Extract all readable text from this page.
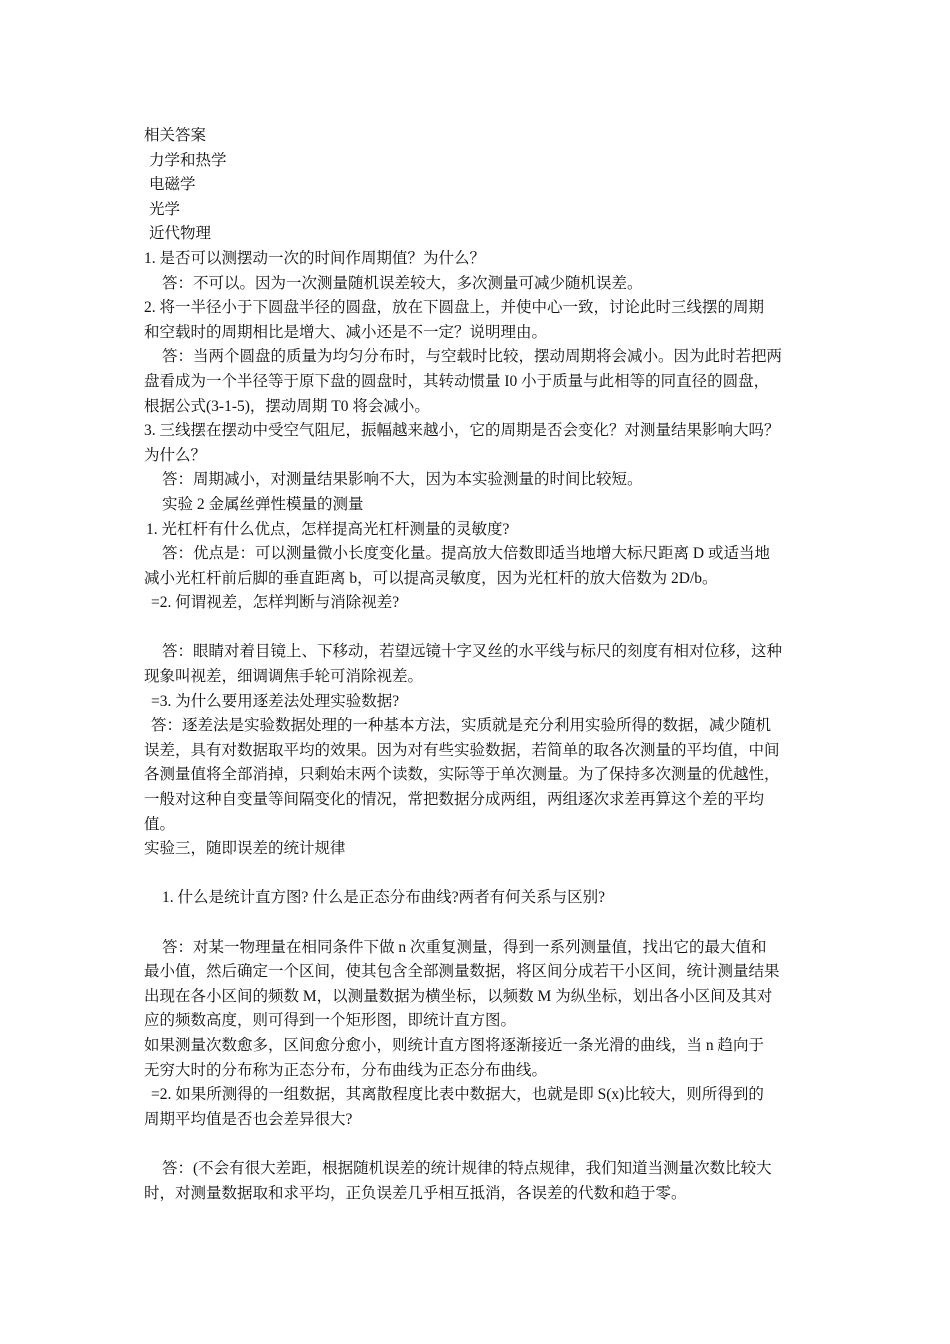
相关答案

力学和热学

电磁学

光学

近代物理

1. 是否可以测摆动一次的时间作周期值？为什么？

答：不可以。因为一次测量随机误差较大，多次测量可减少随机误差。

2. 将一半径小于下圆盘半径的圆盘，放在下圆盘上，并使中心一致，讨论此时三线摆的周期

和空载时的周期相比是增大、减小还是不一定？说明理由。

答：当两个圆盘的质量为均匀分布时，与空载时比较，摆动周期将会减小。因为此时若把两

盘看成为一个半径等于原下盘的圆盘时，其转动惯量 I0 小于质量与此相等的同直径的圆盘，

根据公式(3-1-5)，摆动周期 T0 将会减小。

3. 三线摆在摆动中受空气阻尼，振幅越来越小，它的周期是否会变化？对测量结果影响大吗？

为什么？

答：周期减小，对测量结果影响不大，因为本实验测量的时间比较短。

实验 2 金属丝弹性模量的测量

1. 光杠杆有什么优点，怎样提高光杠杆测量的灵敏度?

答：优点是：可以测量微小长度变化量。提高放大倍数即适当地增大标尺距离 D 或适当地

减小光杠杆前后脚的垂直距离 b，可以提高灵敏度，因为光杠杆的放大倍数为 2D/b。

=2. 何谓视差，怎样判断与消除视差?

答：眼睛对着目镜上、下移动，若望远镜十字叉丝的水平线与标尺的刻度有相对位移，这种

现象叫视差，细调调焦手轮可消除视差。

=3. 为什么要用逐差法处理实验数据?

答：逐差法是实验数据处理的一种基本方法，实质就是充分利用实验所得的数据，减少随机

误差，具有对数据取平均的效果。因为对有些实验数据，若简单的取各次测量的平均值，中间

各测量值将全部消掉，只剩始末两个读数，实际等于单次测量。为了保持多次测量的优越性，

一般对这种自变量等间隔变化的情况，常把数据分成两组，两组逐次求差再算这个差的平均

值。

实验三，随即误差的统计规律

1. 什么是统计直方图? 什么是正态分布曲线?两者有何关系与区别?

答：对某一物理量在相同条件下做 n 次重复测量，得到一系列测量值，找出它的最大值和

最小值，然后确定一个区间，使其包含全部测量数据，将区间分成若干小区间，统计测量结果

出现在各小区间的频数 M，以测量数据为横坐标，以频数 M 为纵坐标，划出各小区间及其对

应的频数高度，则可得到一个矩形图，即统计直方图。

如果测量次数愈多，区间愈分愈小，则统计直方图将逐渐接近一条光滑的曲线，当 n 趋向于

无穷大时的分布称为正态分布，分布曲线为正态分布曲线。

=2. 如果所测得的一组数据，其离散程度比表中数据大，也就是即 S(x)比较大，则所得到的

周期平均值是否也会差异很大?

答：(不会有很大差距，根据随机误差的统计规律的特点规律，我们知道当测量次数比较大

时，对测量数据取和求平均，正负误差几乎相互抵消，各误差的代数和趋于零。
